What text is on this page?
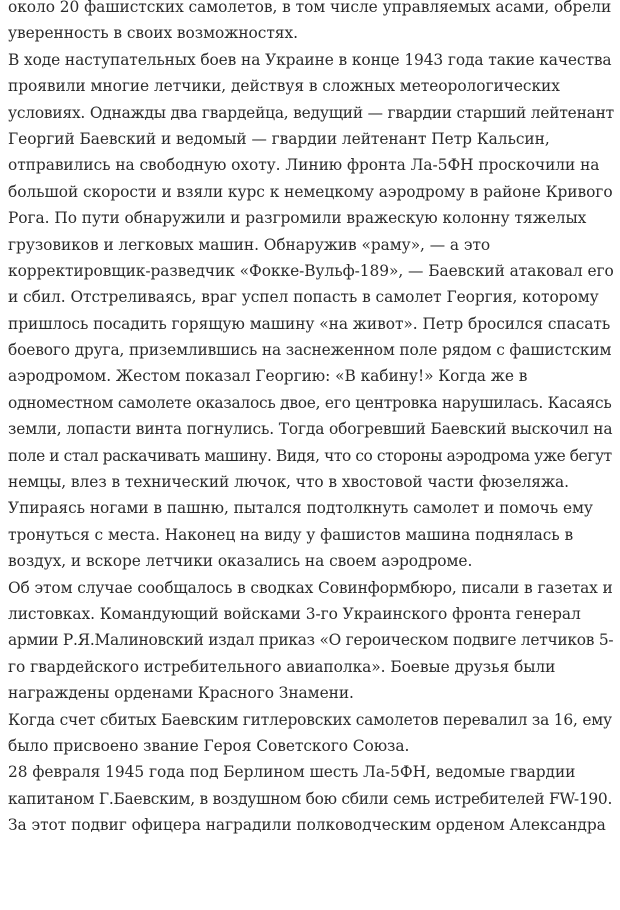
около 20 фашистских самолетов, в том числе управляемых асами, обрели
уверенность в своих возможностях.
В ходе наступательных боев на Украине в конце 1943 года такие качества
проявили многие летчики, действуя в сложных метеорологических
условиях. Однажды два гвардейца, ведущий — гвардии старший лейтенант
Георгий Баевский и ведомый — гвардии лейтенант Петр Кальсин,
отправились на свободную охоту. Линию фронта Ла-5ФН проскочили на
большой скорости и взяли курс к немецкому аэродрому в районе Кривого
Рога. По пути обнаружили и разгромили вражескую колонну тяжелых
грузовиков и легковых машин. Обнаружив «раму», — а это
корректировщик-разведчик «Фокке-Вульф-189», — Баевский атаковал его
и сбил. Отстреливаясь, враг успел попасть в самолет Георгия, которому
пришлось посадить горящую машину «на живот». Петр бросился спасать
боевого друга, приземлившись на заснеженном поле рядом с фашистским
аэродромом. Жестом показал Георгию: «В кабину!» Когда же в
одноместном самолете оказалось двое, его центровка нарушилась. Касаясь
земли, лопасти винта погнулись. Тогда обогревший Баевский выскочил на
поле и стал раскачивать машину. Видя, что со стороны аэродрома уже бегут
немцы, влез в технический лючок, что в хвостовой части фюзеляжа.
Упираясь ногами в пашню, пытался подтолкнуть самолет и помочь ему
тронуться с места. Наконец на виду у фашистов машина поднялась в
воздух, и вскоре летчики оказались на своем аэродроме.
Об этом случае сообщалось в сводках Совинформбюро, писали в газетах и
листовках. Командующий войсками 3-го Украинского фронта генерал
армии Р.Я.Малиновский издал приказ «О героическом подвиге летчиков 5-
го гвардейского истребительного авиаполка». Боевые друзья были
награждены орденами Красного Знамени.
Когда счет сбитых Баевским гитлеровских самолетов перевалил за 16, ему
было присвоено звание Героя Советского Союза.
28 февраля 1945 года под Берлином шесть Ла-5ФН, ведомые гвардии
капитаном Г.Баевским, в воздушном бою сбили семь истребителей FW-190.
За этот подвиг офицера наградили полководческим орденом Александра
